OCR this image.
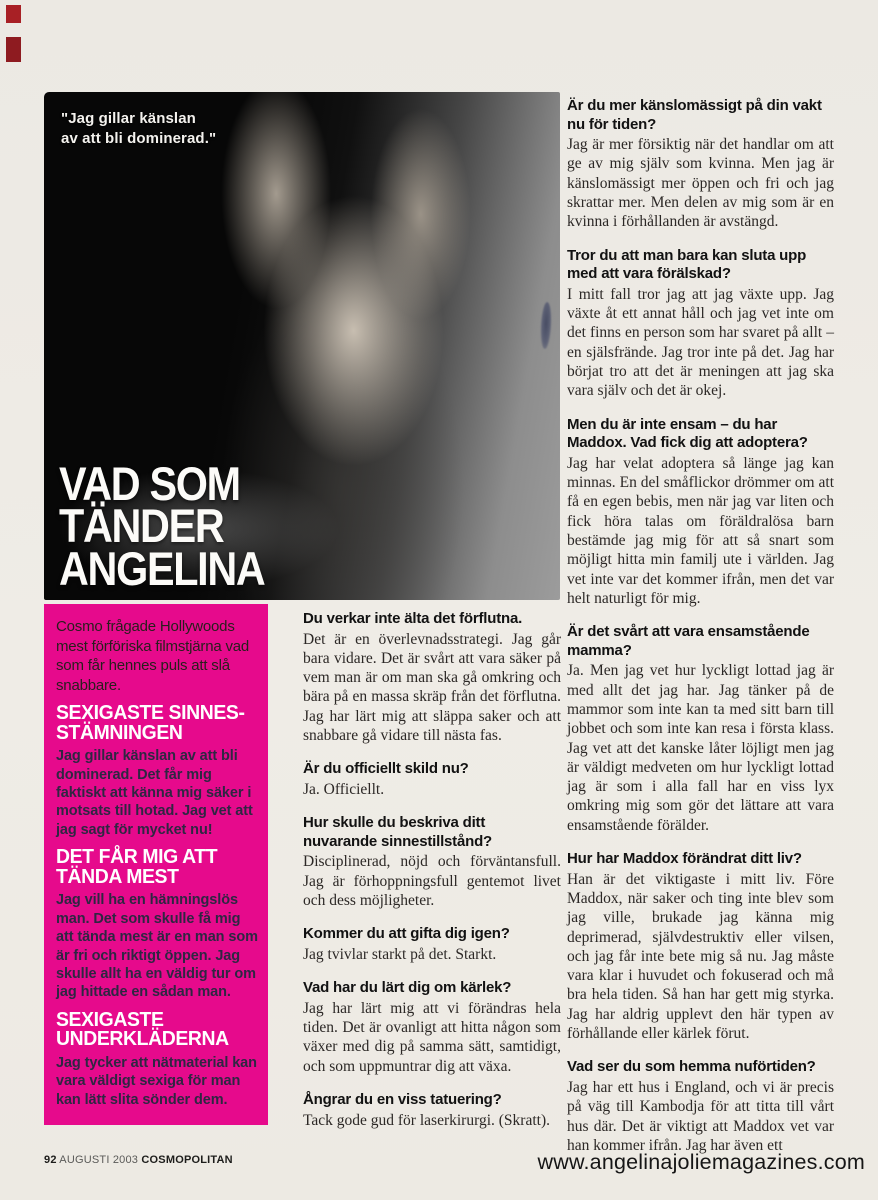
"Jag gillar känslan
av att bli dominerad."
VAD SOM
TÄNDER
ANGELINA

Cosmo frågade Hollywoods mest förföriska filmstjärna vad som får hennes puls att slå snabbare.

SEXIGASTE SINNES-
STÄMNINGEN

Jag gillar känslan av att bli dominerad. Det får mig faktiskt att känna mig säker i motsats till hotad. Jag vet att jag sagt för mycket nu!

DET FÅR MIG ATT
TÄNDA MEST

Jag vill ha en hämningslös man. Det som skulle få mig att tända mest är en man som är fri och riktigt öppen. Jag skulle allt ha en väldig tur om jag hittade en sådan man.

SEXIGASTE
UNDERKLÄDERNA

Jag tycker att nätmaterial kan vara väldigt sexiga för man kan lätt slita sönder dem.

Du verkar inte älta det förflutna.

Det är en överlevnadsstrategi. Jag går bara vidare. Det är svårt att vara säker på vem man är om man ska gå omkring och bära på en massa skräp från det förflutna. Jag har lärt mig att släppa saker och att snabbare gå vidare till nästa fas.

Är du officiellt skild nu?

Ja. Officiellt.

Hur skulle du beskriva ditt nuvarande sinnestillstånd?

Disciplinerad, nöjd och förväntansfull. Jag är förhoppningsfull gentemot livet och dess möjligheter.

Kommer du att gifta dig igen?

Jag tvivlar starkt på det. Starkt.

Vad har du lärt dig om kärlek?

Jag har lärt mig att vi förändras hela tiden. Det är ovanligt att hitta någon som växer med dig på samma sätt, samtidigt, och som uppmuntrar dig att växa.

Ångrar du en viss tatuering?

Tack gode gud för laserkirurgi. (Skratt).

Är du mer känslomässigt på din vakt nu för tiden?

Jag är mer försiktig när det handlar om att ge av mig själv som kvinna. Men jag är känslomässigt mer öppen och fri och jag skrattar mer. Men delen av mig som är en kvinna i förhållanden är avstängd.

Tror du att man bara kan sluta upp med att vara förälskad?

I mitt fall tror jag att jag växte upp. Jag växte åt ett annat håll och jag vet inte om det finns en person som har svaret på allt – en själsfrände. Jag tror inte på det. Jag har börjat tro att det är meningen att jag ska vara själv och det är okej.

Men du är inte ensam – du har Maddox. Vad fick dig att adoptera?

Jag har velat adoptera så länge jag kan minnas. En del småflickor drömmer om att få en egen bebis, men när jag var liten och fick höra talas om föräldralösa barn bestämde jag mig för att så snart som möjligt hitta min familj ute i världen. Jag vet inte var det kommer ifrån, men det var helt naturligt för mig.

Är det svårt att vara ensamstående mamma?

Ja. Men jag vet hur lyckligt lottad jag är med allt det jag har. Jag tänker på de mammor som inte kan ta med sitt barn till jobbet och som inte kan resa i första klass. Jag vet att det kanske låter löjligt men jag är väldigt medveten om hur lyckligt lottad jag är som i alla fall har en viss lyx omkring mig som gör det lättare att vara ensamstående förälder.

Hur har Maddox förändrat ditt liv?

Han är det viktigaste i mitt liv. Före Maddox, när saker och ting inte blev som jag ville, brukade jag känna mig deprimerad, självdestruktiv eller vilsen, och jag får inte bete mig så nu. Jag måste vara klar i huvudet och fokuserad och må bra hela tiden. Så han har gett mig styrka. Jag har aldrig upplevt den här typen av förhållande eller kärlek förut.

Vad ser du som hemma nuförtiden?

Jag har ett hus i England, och vi är precis på väg till Kambodja för att titta till vårt hus där. Det är viktigt att Maddox vet var han kommer ifrån. Jag har även ett

92 AUGUSTI 2003 COSMOPOLITAN	www.angelinajoliemagazines.com
